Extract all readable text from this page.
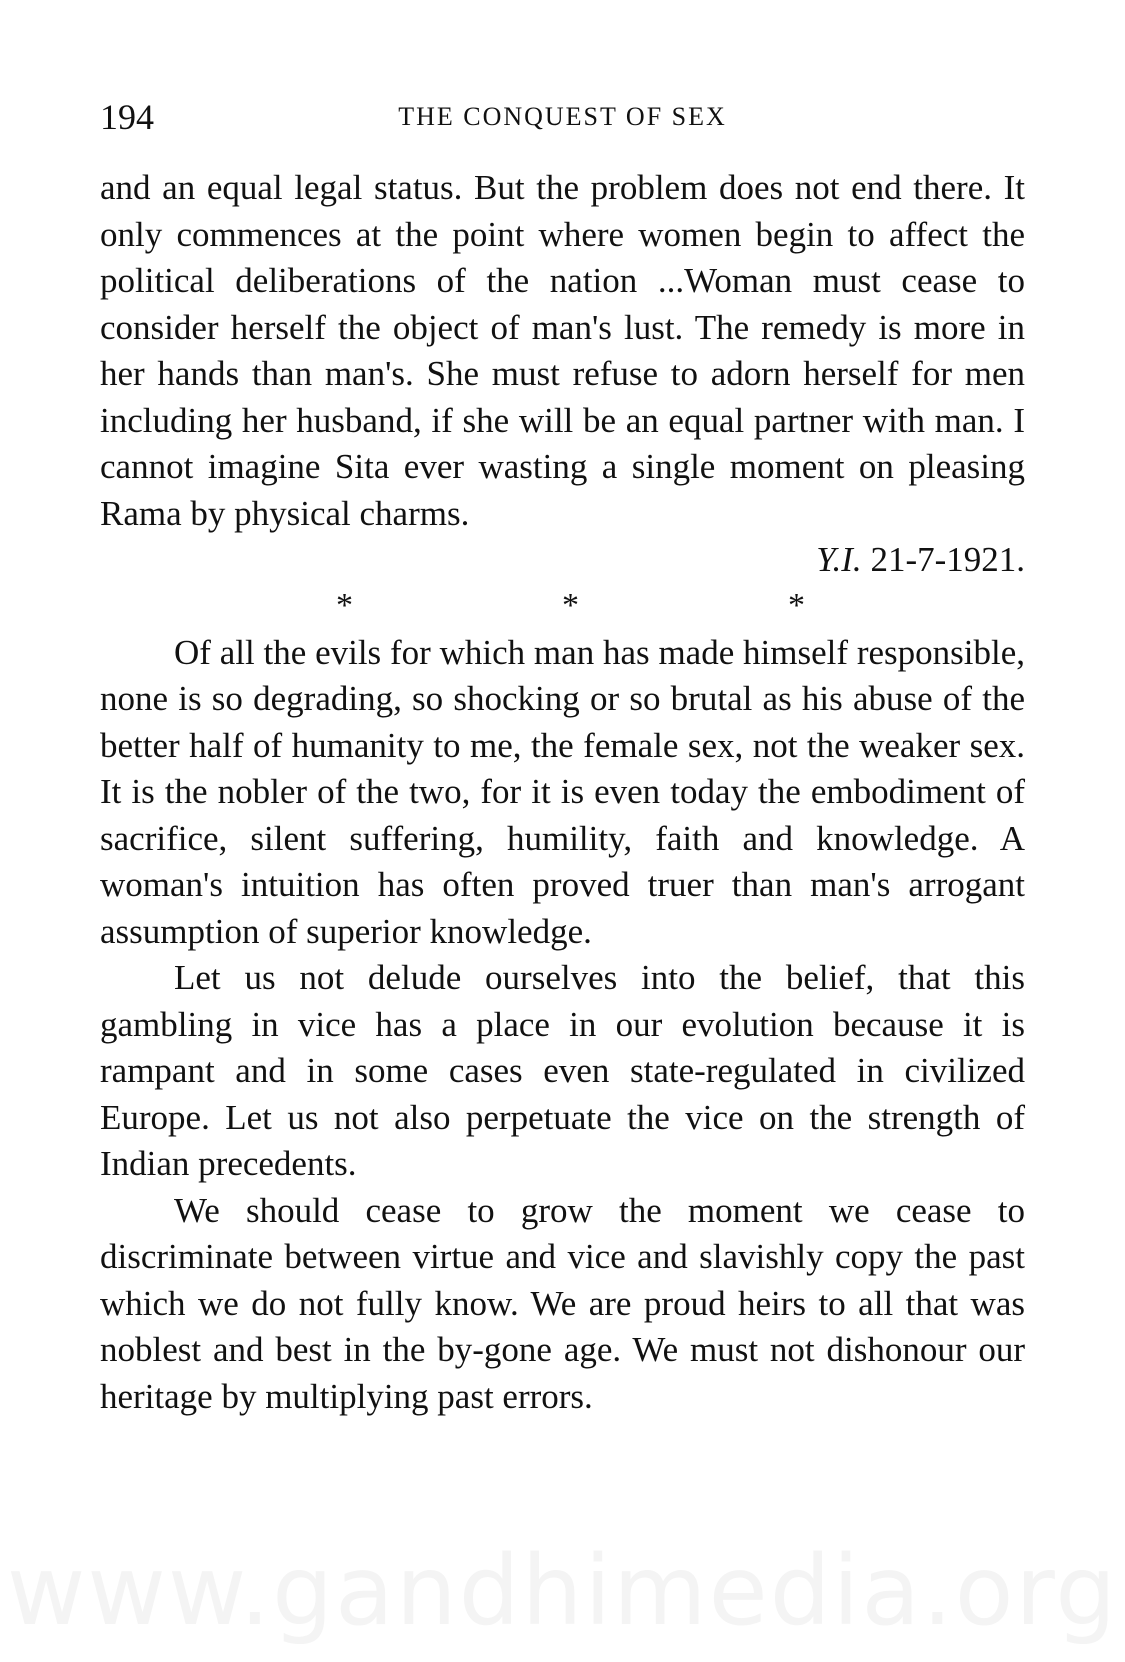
194	THE CONQUEST OF SEX

and an equal legal status. But the problem does not end there. It only commences at the point where women begin to affect the political deliberations of the nation ...Woman must cease to consider herself the object of man's lust. The remedy is more in her hands than man's. She must refuse to adorn herself for men including her husband, if she will be an equal partner with man. I cannot imagine Sita ever wasting a single moment on pleasing Rama by physical charms.

Y.I. 21-7-1921.

*	*	*

Of all the evils for which man has made himself responsible, none is so degrading, so shocking or so brutal as his abuse of the better half of humanity to me, the female sex, not the weaker sex. It is the nobler of the two, for it is even today the embodiment of sacrifice, silent suffering, humility, faith and knowledge. A woman's intuition has often proved truer than man's arrogant assumption of superior knowledge.

Let us not delude ourselves into the belief, that this gambling in vice has a place in our evolution because it is rampant and in some cases even state-regulated in civilized Europe. Let us not also perpetuate the vice on the strength of Indian precedents.

We should cease to grow the moment we cease to discriminate between virtue and vice and slavishly copy the past which we do not fully know. We are proud heirs to all that was noblest and best in the by-gone age. We must not dishonour our heritage by multiplying past errors.

www.gandhimedia.org
